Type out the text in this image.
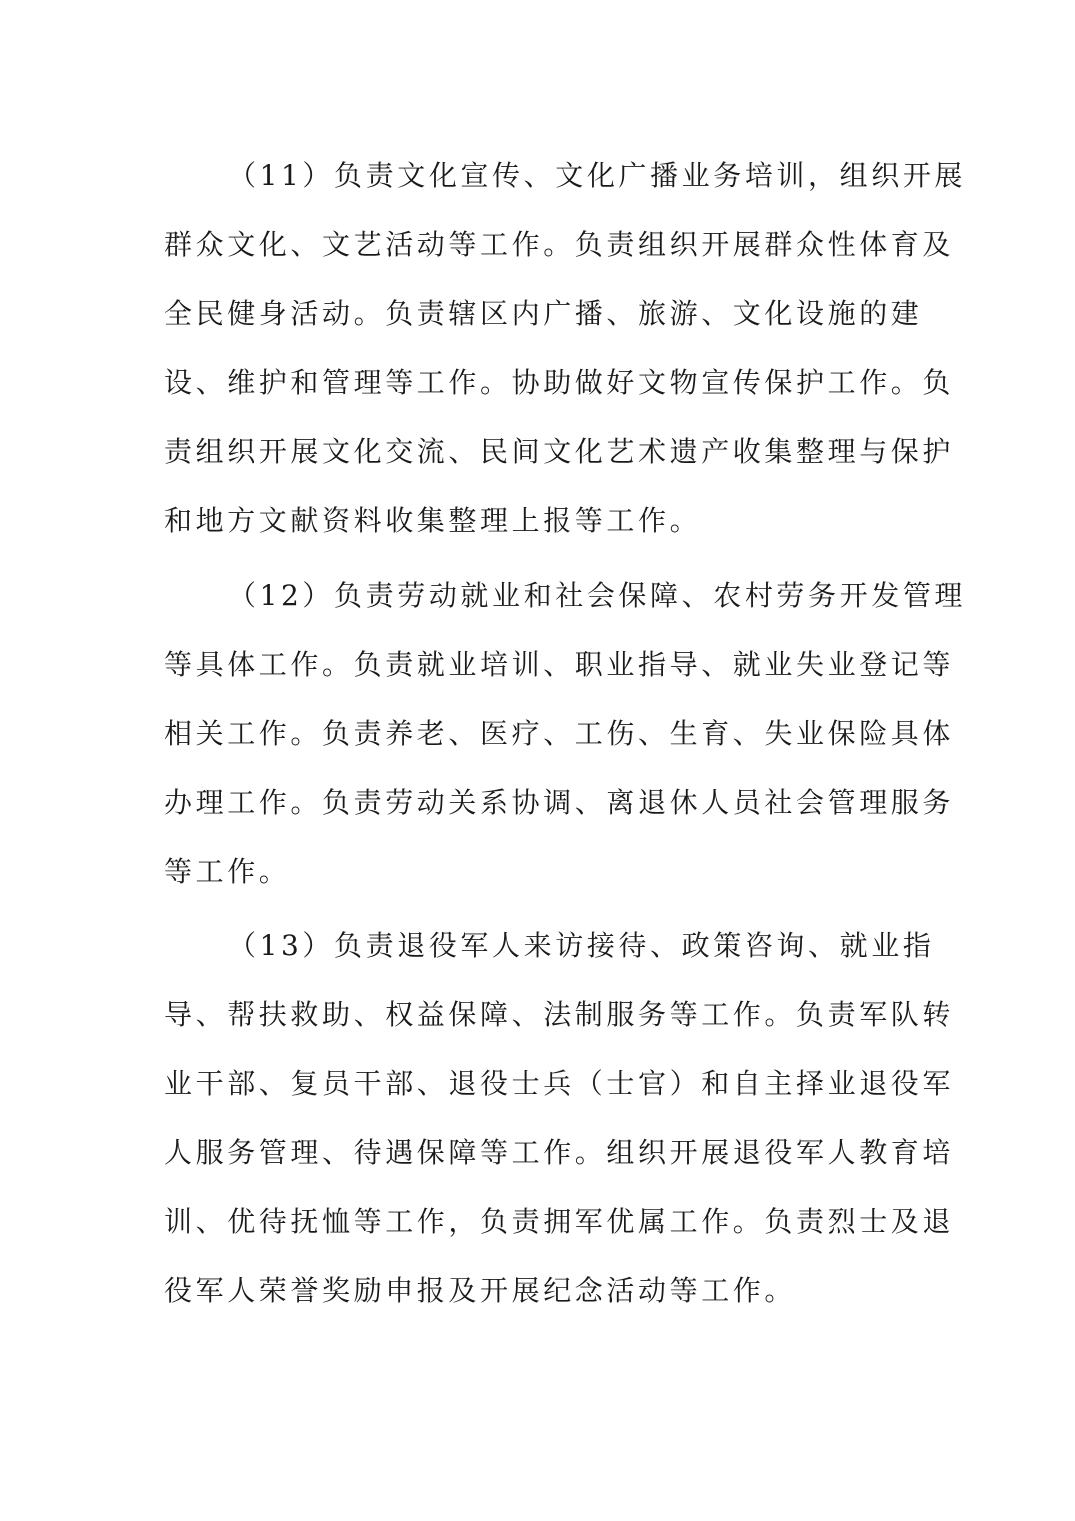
（11）负责文化宣传、文化广播业务培训，组织开展
群众文化、文艺活动等工作。负责组织开展群众性体育及
全民健身活动。负责辖区内广播、旅游、文化设施的建
设、维护和管理等工作。协助做好文物宣传保护工作。负
责组织开展文化交流、民间文化艺术遗产收集整理与保护
和地方文献资料收集整理上报等工作。
（12）负责劳动就业和社会保障、农村劳务开发管理
等具体工作。负责就业培训、职业指导、就业失业登记等
相关工作。负责养老、医疗、工伤、生育、失业保险具体
办理工作。负责劳动关系协调、离退休人员社会管理服务
等工作。
（13）负责退役军人来访接待、政策咨询、就业指
导、帮扶救助、权益保障、法制服务等工作。负责军队转
业干部、复员干部、退役士兵（士官）和自主择业退役军
人服务管理、待遇保障等工作。组织开展退役军人教育培
训、优待抚恤等工作，负责拥军优属工作。负责烈士及退
役军人荣誉奖励申报及开展纪念活动等工作。
